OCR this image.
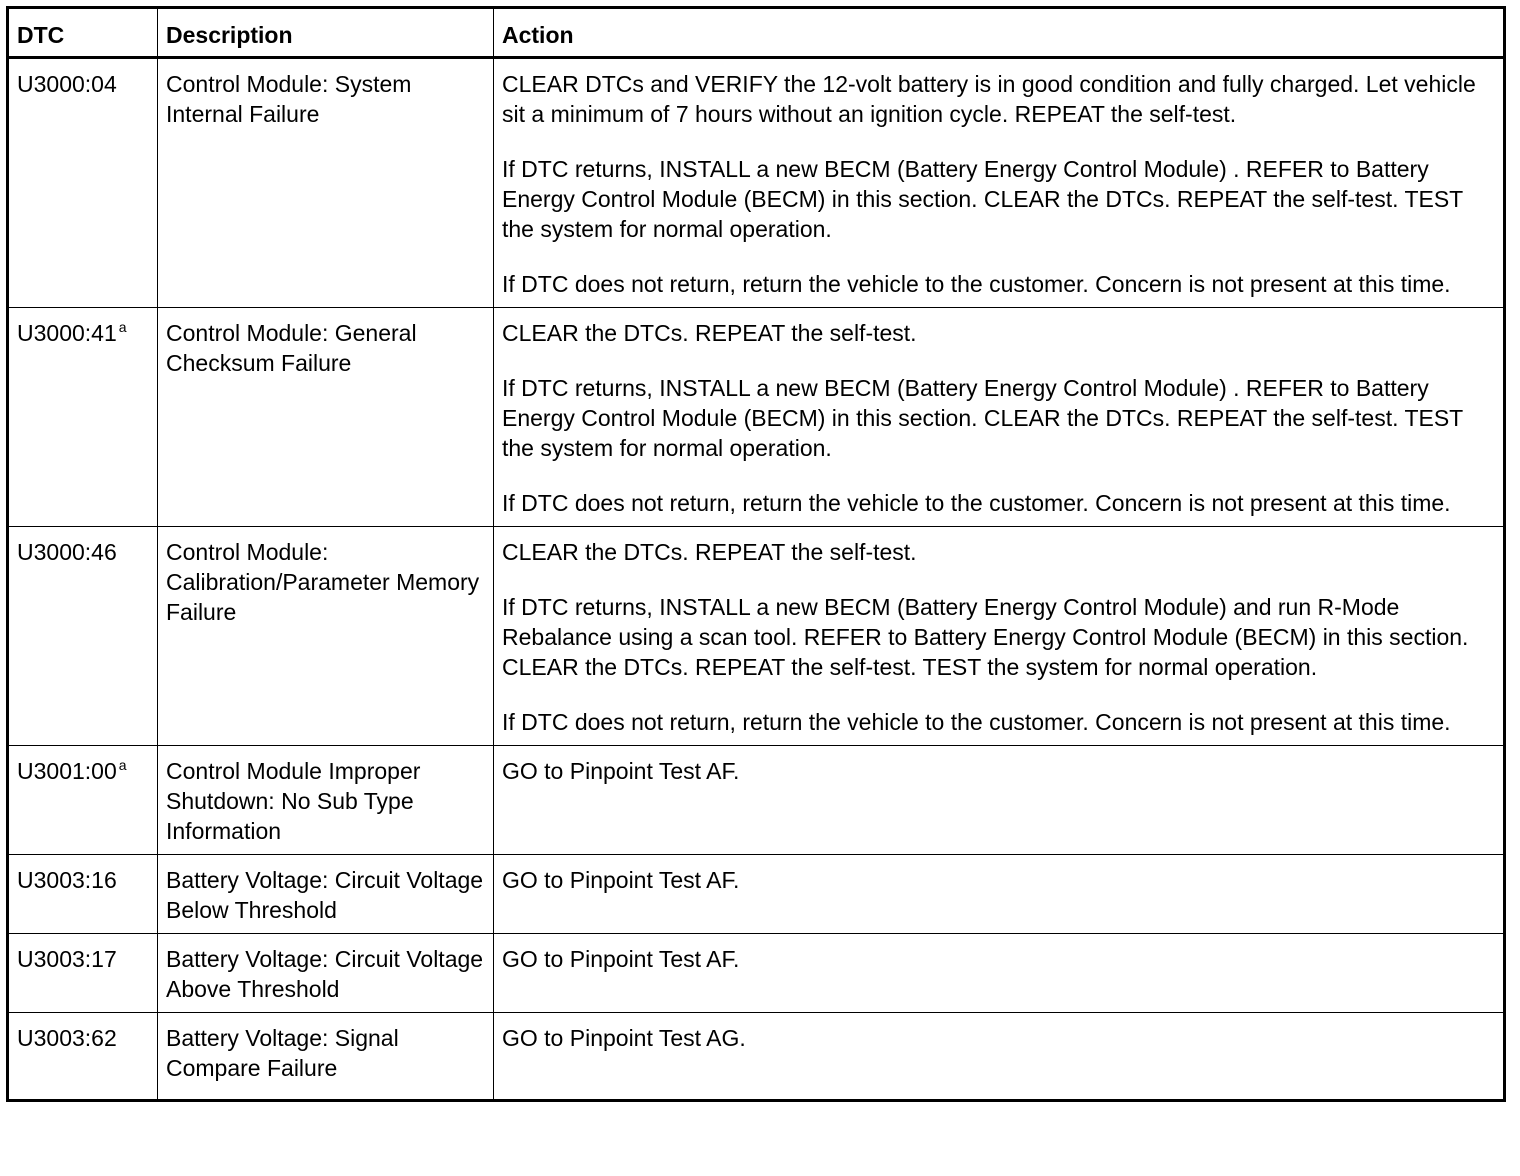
DTC	Description	Action
U3000:04	Control Module: System Internal Failure	CLEAR DTCs and VERIFY the 12-volt battery is in good condition and fully charged. Let vehicle sit a minimum of 7 hours without an ignition cycle. REPEAT the self-test.
If DTC returns, INSTALL a new BECM (Battery Energy Control Module) . REFER to Battery Energy Control Module (BECM) in this section. CLEAR the DTCs. REPEAT the self-test. TEST the system for normal operation.
If DTC does not return, return the vehicle to the customer. Concern is not present at this time.

U3000:41 $^a$	Control Module: General Checksum Failure	CLEAR the DTCs. REPEAT the self-test.
If DTC returns, INSTALL a new BECM (Battery Energy Control Module) . REFER to Battery Energy Control Module (BECM) in this section. CLEAR the DTCs. REPEAT the self-test. TEST the system for normal operation.
If DTC does not return, return the vehicle to the customer. Concern is not present at this time.

U3000:46	Control Module: Calibration/Parameter Memory Failure	CLEAR the DTCs. REPEAT the self-test.
If DTC returns, INSTALL a new BECM (Battery Energy Control Module) and run R-Mode Rebalance using a scan tool. REFER to Battery Energy Control Module (BECM) in this section. CLEAR the DTCs. REPEAT the self-test. TEST the system for normal operation.
If DTC does not return, return the vehicle to the customer. Concern is not present at this time.

U3001:00 $^a$	Control Module Improper Shutdown: No Sub Type Information	GO to Pinpoint Test AF.

U3003:16	Battery Voltage: Circuit Voltage Below Threshold	GO to Pinpoint Test AF.

U3003:17	Battery Voltage: Circuit Voltage Above Threshold	GO to Pinpoint Test AF.

U3003:62	Battery Voltage: Signal Compare Failure	GO to Pinpoint Test AG.
